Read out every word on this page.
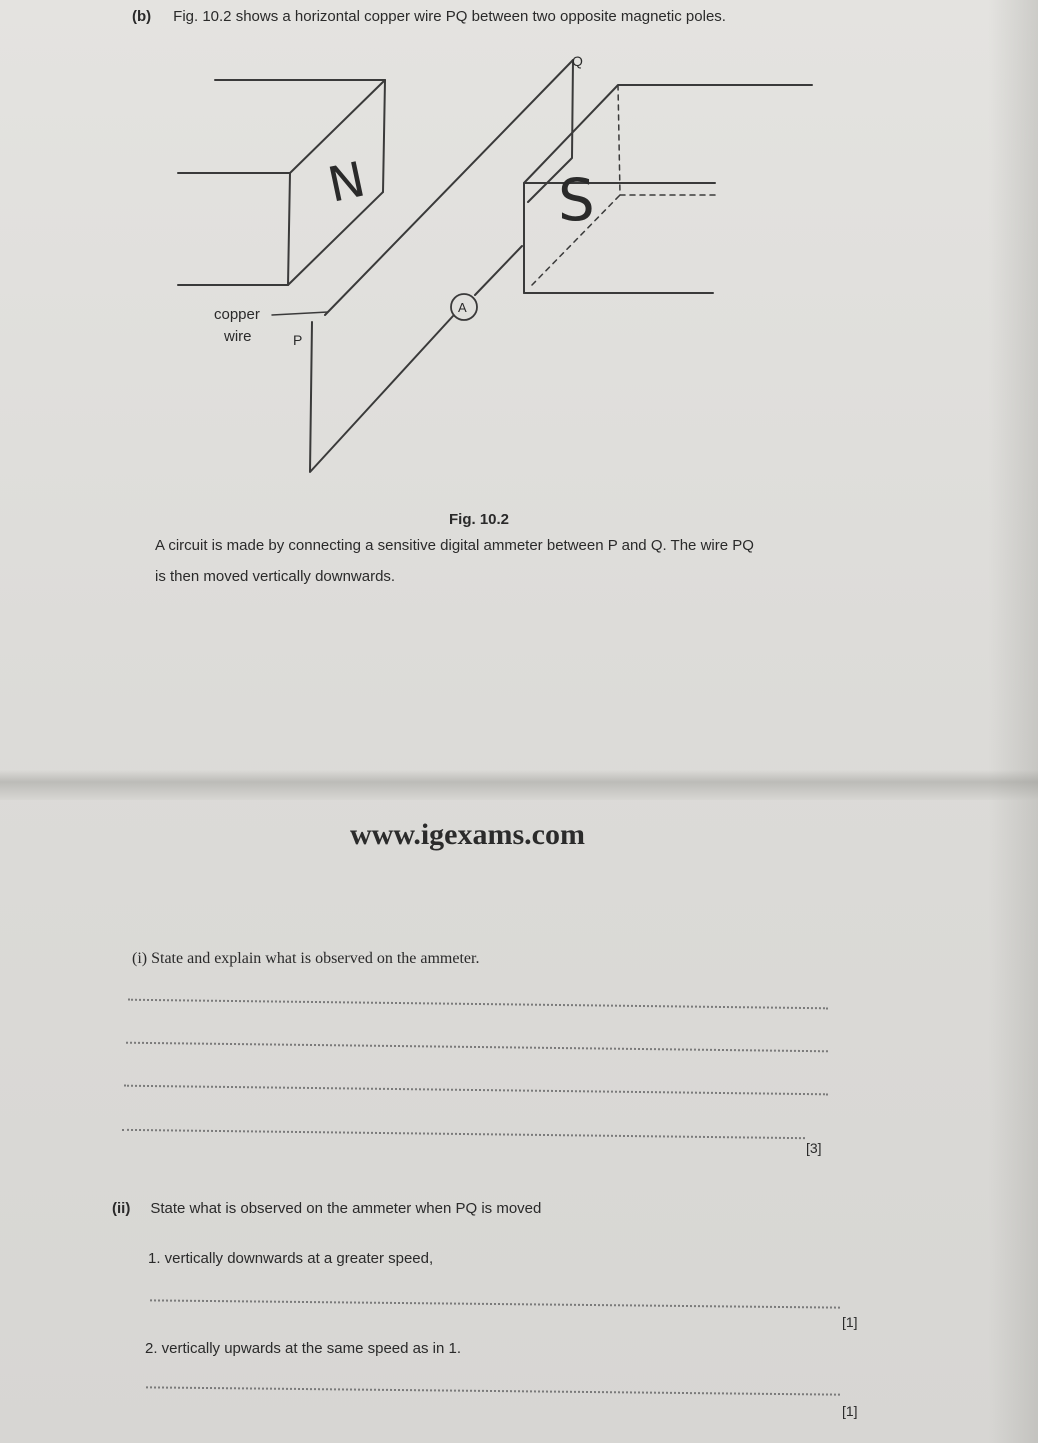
(b) Fig. 10.2 shows a horizontal copper wire PQ between two opposite magnetic poles.
N	S
A
copper
wire	P
Q
Fig. 10.2
A circuit is made by connecting a sensitive digital ammeter between P and Q. The wire PQ
is then moved vertically downwards.
www.igexams.com
(i) State and explain what is observed on the ammeter.
[3]
(ii) State what is observed on the ammeter when PQ is moved
1. vertically downwards at a greater speed,
[1]
2. vertically upwards at the same speed as in 1.
[1]
